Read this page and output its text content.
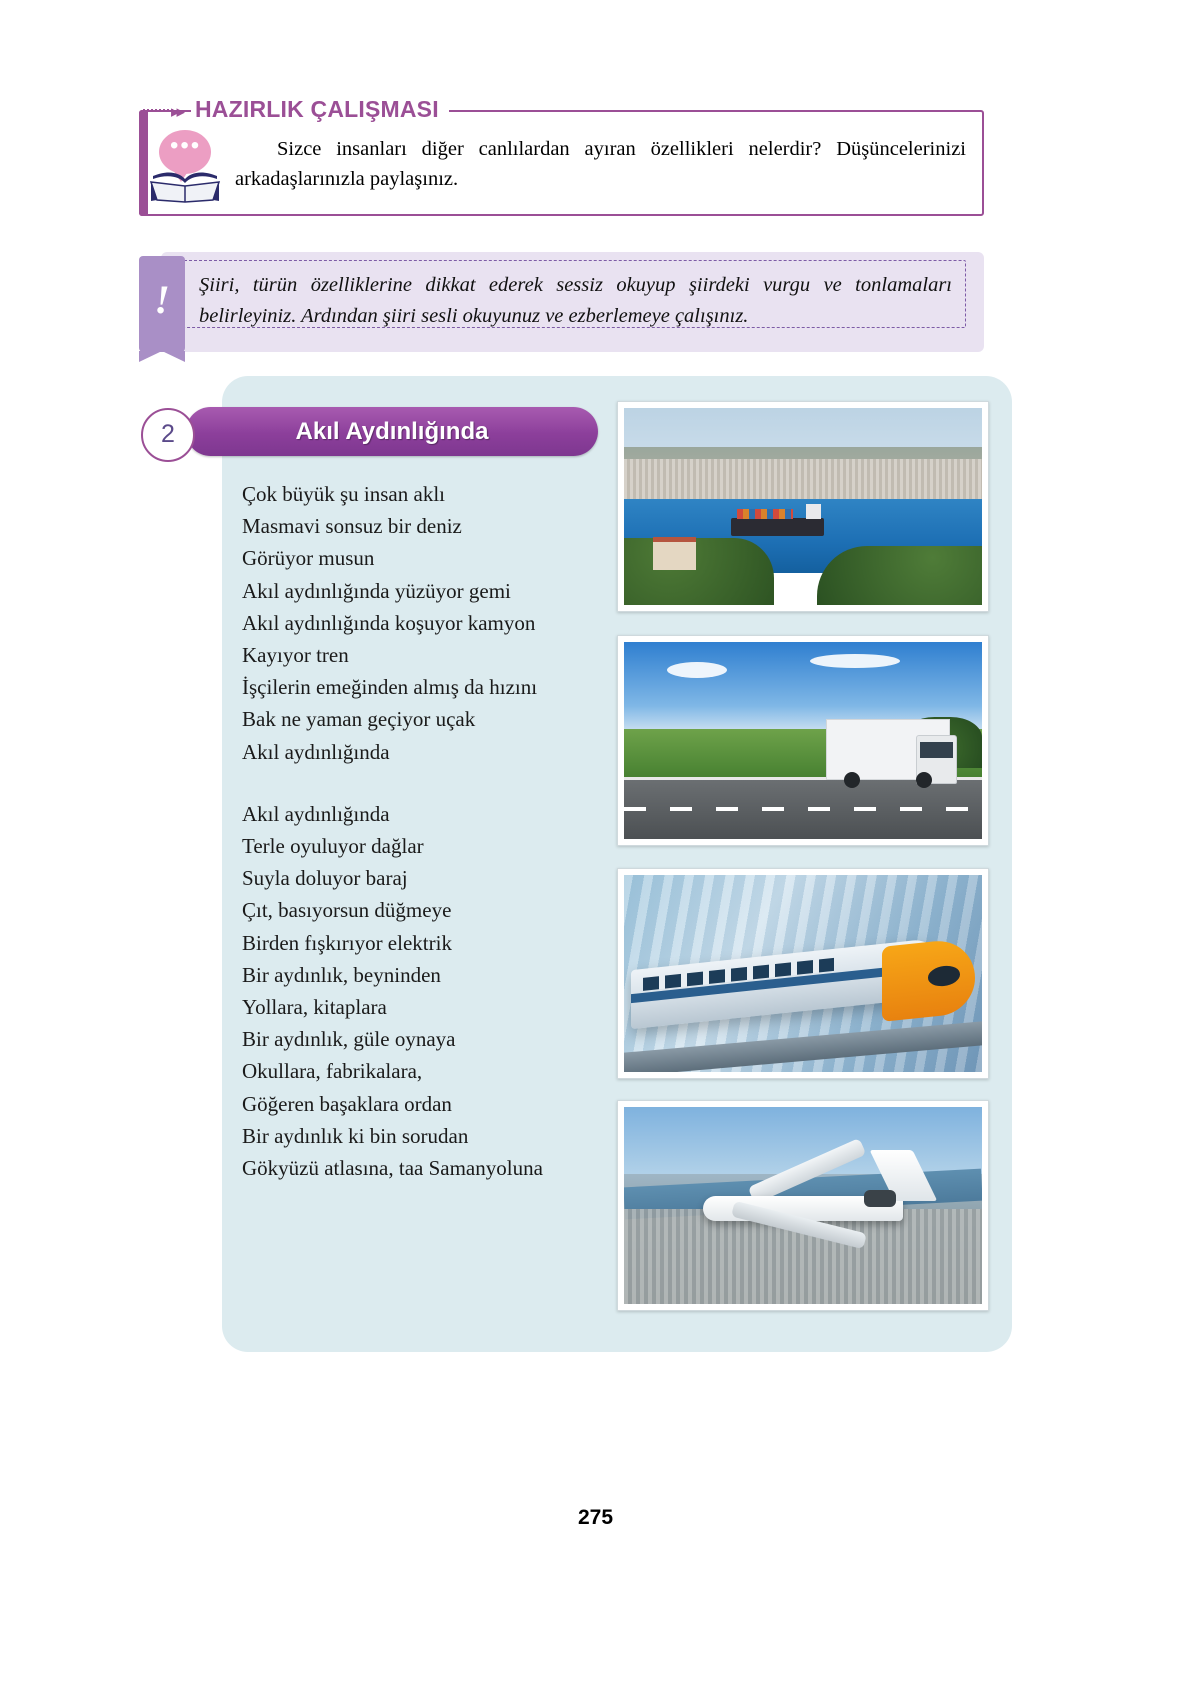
▸▸ HAZIRLIK ÇALIŞMASI
•••	Sizce insanları diğer canlılardan ayıran özellikleri nelerdir? Düşüncelerinizi arkadaşlarınızla paylaşınız.
!	Şiiri, türün özelliklerine dikkat ederek sessiz okuyup şiirdeki vurgu ve tonlamaları belirleyiniz. Ardından şiiri sesli okuyunuz ve ezberlemeye çalışınız.
2	Akıl Aydınlığında

Çok büyük şu insan aklı

Masmavi sonsuz bir deniz

Görüyor musun

Akıl aydınlığında yüzüyor gemi

Akıl aydınlığında koşuyor kamyon

Kayıyor tren

İşçilerin emeğinden almış da hızını

Bak ne yaman geçiyor uçak

Akıl aydınlığında

Akıl aydınlığında

Terle oyuluyor dağlar

Suyla doluyor baraj

Çıt, basıyorsun düğmeye

Birden fışkırıyor elektrik

Bir aydınlık, beyninden

Yollara, kitaplara

Bir aydınlık, güle oynaya

Okullara, fabrikalara,

Göğeren başaklara ordan

Bir aydınlık ki bin sorudan

Gökyüzü atlasına, taa Samanyoluna

275
